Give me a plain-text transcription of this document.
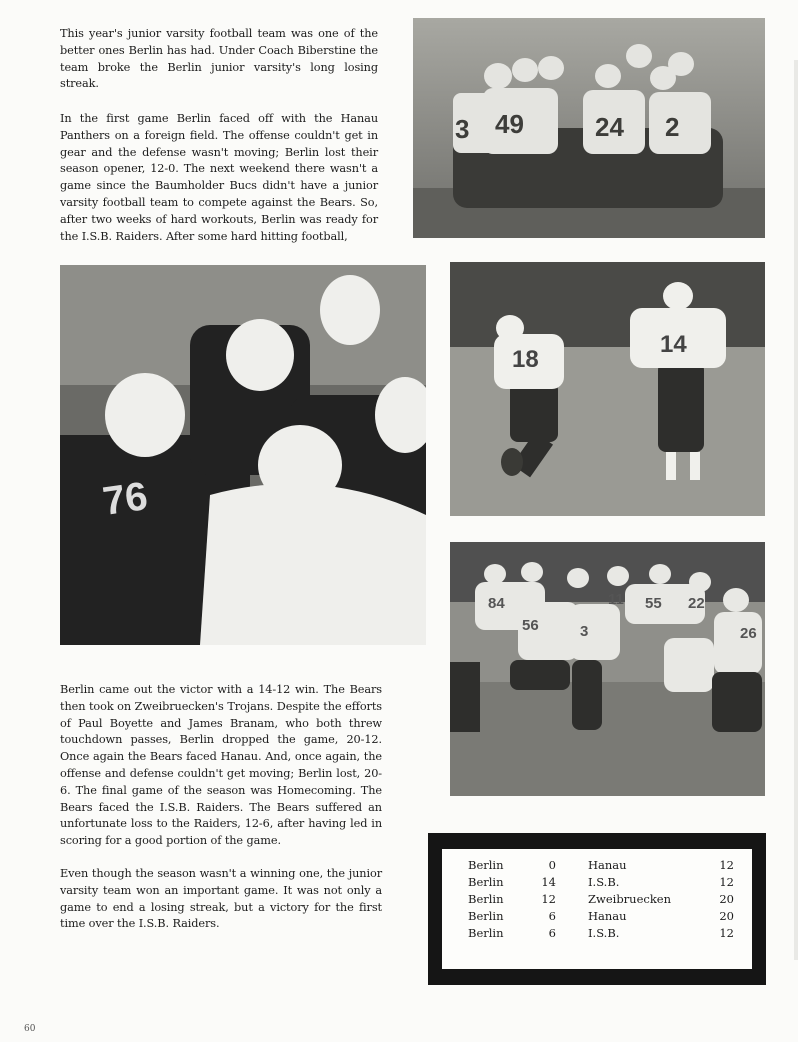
This year's junior varsity football team was one of the better ones Berlin has had. Under Coach Biberstine the team broke the Berlin junior varsity's long losing streak.

In the first game Berlin faced off with the Hanau Panthers on a foreign field. The offense couldn't get in gear and the defense wasn't moving; Berlin lost their season opener, 12-0. The next weekend there wasn't a game since the Baumholder Bucs didn't have a junior varsity football team to compete against the Bears. So, after two weeks of hard workouts, Berlin was ready for the I.S.B. Raiders. After some hard hitting football,

Berlin came out the victor with a 14-12 win. The Bears then took on Zweibruecken's Trojans. Despite the efforts of Paul Boyette and James Branam, who both threw touchdown passes, Berlin dropped the game, 20-12. Once again the Bears faced Hanau. And, once again, the offense and defense couldn't get moving; Berlin lost, 20-6. The final game of the season was Homecoming. The Bears faced the I.S.B. Raiders. The Bears suffered an unfortunate loss to the Raiders, 12-6, after having led in scoring for a good portion of the game.

Even though the season wasn't a winning one, the junior varsity team won an important game. It was not only a game to end a losing streak, but a victory for the first time over the I.S.B. Raiders.

3 49	24 2
76
18
14
84
56
55 22
26
11
3
Berlin	0	Hanau	12
Berlin	14	I.S.B.	12
Berlin	12	Zweibruecken	20
Berlin	6	Hanau	20
Berlin	6	I.S.B.	12
60
